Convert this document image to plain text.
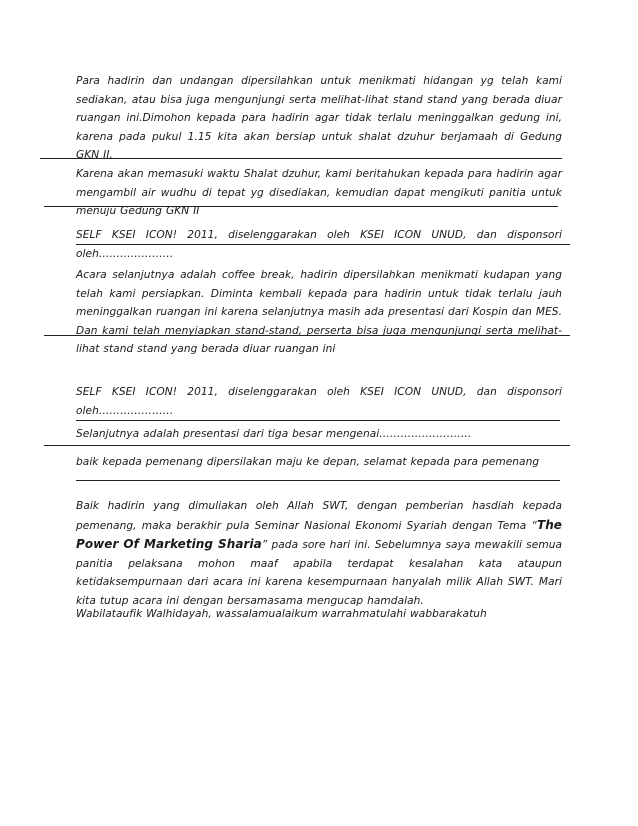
Para hadirin dan undangan dipersilahkan untuk menikmati hidangan yg telah kami sediakan, atau bisa juga mengunjungi serta melihat-lihat stand stand yang berada diuar ruangan ini.Dimohon kepada para hadirin agar tidak terlalu meninggalkan gedung ini, karena pada pukul 1.15 kita akan bersiap untuk shalat dzuhur berjamaah di Gedung GKN II.
Karena akan memasuki waktu Shalat dzuhur, kami beritahukan kepada para hadirin agar mengambil air wudhu di tepat yg disediakan, kemudian dapat mengikuti panitia untuk menuju Gedung GKN II
SELF KSEI ICON! 2011, diselenggarakan oleh KSEI ICON UNUD, dan disponsori oleh…………………
Acara selanjutnya adalah coffee break, hadirin dipersilahkan menikmati kudapan yang telah kami persiapkan. Diminta kembali kepada para hadirin untuk tidak terlalu jauh meninggalkan ruangan ini karena selanjutnya masih ada presentasi dari Kospin dan MES. Dan kami telah menyiapkan stand-stand, perserta bisa juga mengunjungi serta melihat-lihat stand stand yang berada diuar ruangan ini
SELF KSEI ICON! 2011, diselenggarakan oleh KSEI ICON UNUD, dan disponsori oleh…………………
Selanjutnya adalah presentasi dari tiga besar mengenai……………………..
baik kepada pemenang dipersilakan maju ke depan, selamat kepada para pemenang
Baik hadirin yang dimuliakan oleh Allah SWT, dengan pemberian hasdiah kepada pemenang, maka berakhir pula Seminar Nasional Ekonomi Syariah dengan Tema “The Power Of Marketing Sharia” pada sore hari ini. Sebelumnya saya mewakili semua panitia pelaksana mohon maaf apabila terdapat kesalahan kata ataupun ketidaksempurnaan dari acara ini karena kesempurnaan hanyalah milik Allah SWT. Mari kita tutup acara ini dengan bersamasama mengucap hamdalah.
Wabilataufik Walhidayah, wassalamualaikum warrahmatulahi wabbarakatuh
